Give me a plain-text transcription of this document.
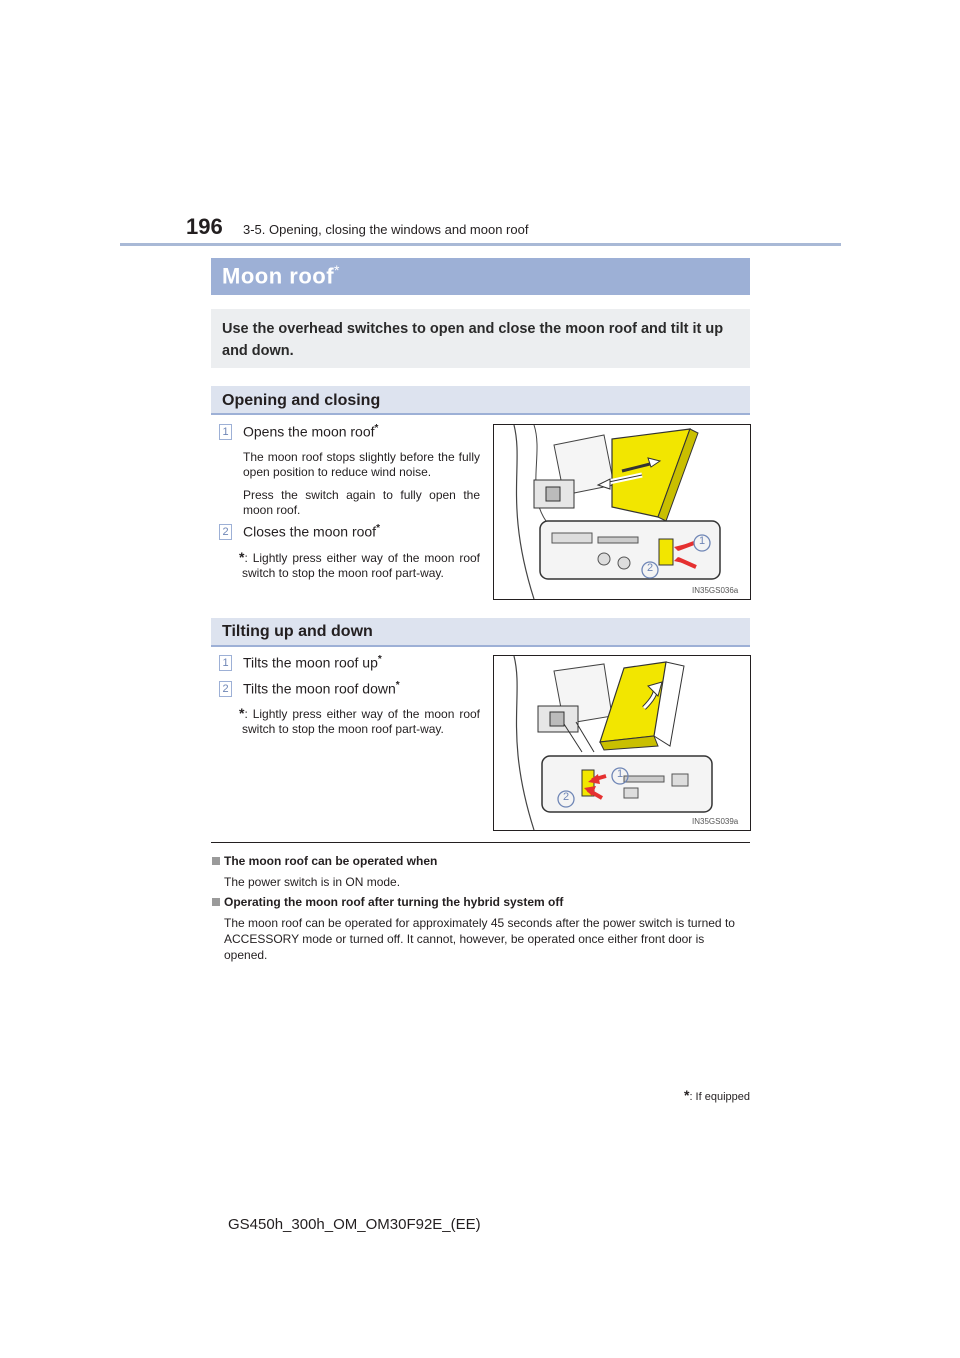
196 3-5. Opening, closing the windows and moon roof
Moon roof*
Use the overhead switches to open and close the moon roof and tilt it up and down.
Opening and closing
1 Opens the moon roof*
The moon roof stops slightly before the fully open position to reduce wind noise.
Press the switch again to fully open the moon roof.
2 Closes the moon roof*
*: Lightly press either way of the moon roof switch to stop the moon roof part-way.
1
2
IN35GS036a
Tilting up and down
1 Tilts the moon roof up*
2 Tilts the moon roof down*
*: Lightly press either way of the moon roof switch to stop the moon roof part-way.
1
2
IN35GS039a
The moon roof can be operated when
The power switch is in ON mode.
Operating the moon roof after turning the hybrid system off
The moon roof can be operated for approximately 45 seconds after the power switch is turned to ACCESSORY mode or turned off. It cannot, however, be operated once either front door is opened.
*: If equipped
GS450h_300h_OM_OM30F92E_(EE)
